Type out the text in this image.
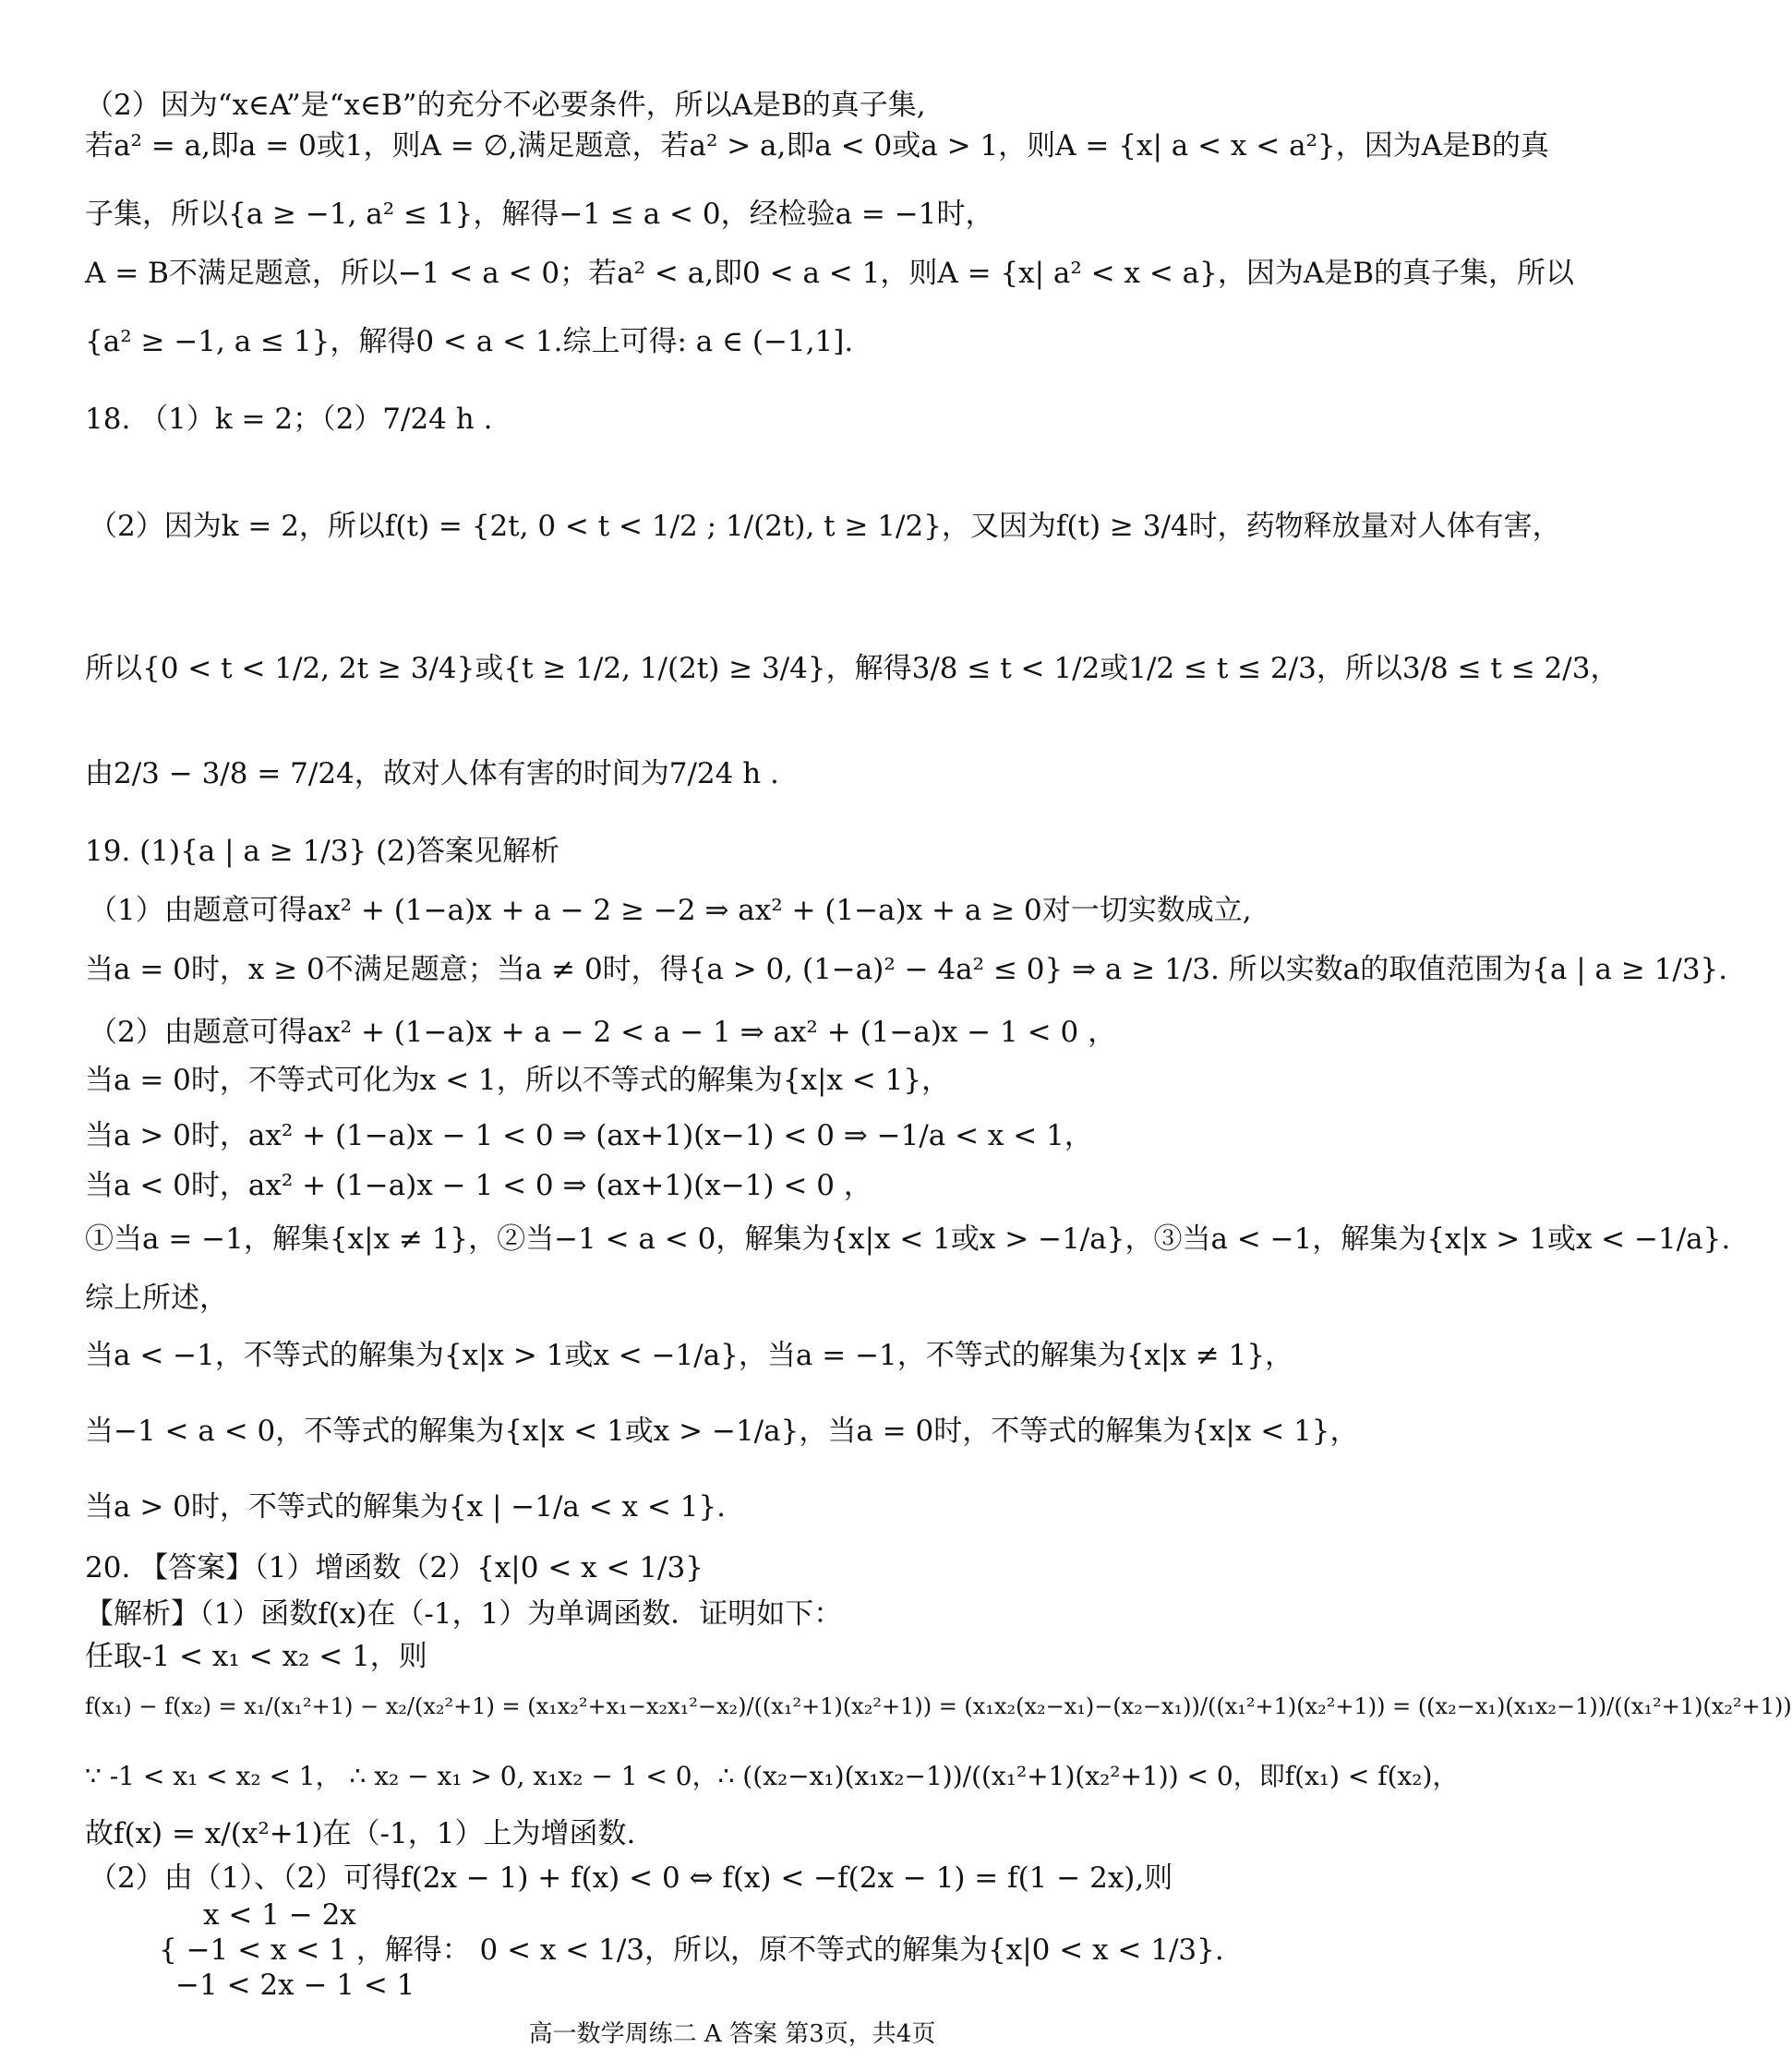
（2）因为“x∈A”是“x∈B”的充分不必要条件，所以A是B的真子集,
若a² = a,即a = 0或1，则A = ∅,满足题意，若a² > a,即a < 0或a > 1，则A = {x| a < x < a²}，因为A是B的真
子集，所以{a ≥ −1, a² ≤ 1}，解得−1 ≤ a < 0，经检验a = −1时，
A = B不满足题意，所以−1 < a < 0；若a² < a,即0 < a < 1，则A = {x| a² < x < a}，因为A是B的真子集，所以
{a² ≥ −1, a ≤ 1}，解得0 < a < 1.综上可得: a ∈ (−1,1].
18. （1）k = 2；（2）7/24 h .
（2）因为k = 2，所以f(t) = {2t, 0 < t < 1/2 ; 1/(2t), t ≥ 1/2}，又因为f(t) ≥ 3/4时，药物释放量对人体有害，
所以{0 < t < 1/2, 2t ≥ 3/4}或{t ≥ 1/2, 1/(2t) ≥ 3/4}，解得3/8 ≤ t < 1/2或1/2 ≤ t ≤ 2/3，所以3/8 ≤ t ≤ 2/3，
由2/3 − 3/8 = 7/24，故对人体有害的时间为7/24 h .
19. (1){a | a ≥ 1/3} (2)答案见解析
（1）由题意可得ax² + (1−a)x + a − 2 ≥ −2 ⇒ ax² + (1−a)x + a ≥ 0对一切实数成立,
当a = 0时，x ≥ 0不满足题意；当a ≠ 0时，得{a > 0, (1−a)² − 4a² ≤ 0} ⇒ a ≥ 1/3. 所以实数a的取值范围为{a | a ≥ 1/3}.
（2）由题意可得ax² + (1−a)x + a − 2 < a − 1 ⇒ ax² + (1−a)x − 1 < 0 ，
当a = 0时，不等式可化为x < 1，所以不等式的解集为{x|x < 1}，
当a > 0时，ax² + (1−a)x − 1 < 0 ⇒ (ax+1)(x−1) < 0 ⇒ −1/a < x < 1，
当a < 0时，ax² + (1−a)x − 1 < 0 ⇒ (ax+1)(x−1) < 0 ，
①当a = −1，解集{x|x ≠ 1}，②当−1 < a < 0，解集为{x|x < 1或x > −1/a}，③当a < −1，解集为{x|x > 1或x < −1/a}.
综上所述，
当a < −1，不等式的解集为{x|x > 1或x < −1/a}，当a = −1，不等式的解集为{x|x ≠ 1}，
当−1 < a < 0，不等式的解集为{x|x < 1或x > −1/a}，当a = 0时，不等式的解集为{x|x < 1}，
当a > 0时，不等式的解集为{x | −1/a < x < 1}.
20. 【答案】（1）增函数（2）{x|0 < x < 1/3}
【解析】（1）函数f(x)在（-1，1）为单调函数．证明如下：
任取-1 < x₁ < x₂ < 1，则
f(x₁) − f(x₂) = x₁/(x₁²+1) − x₂/(x₂²+1) = (x₁x₂²+x₁−x₂x₁²−x₂)/((x₁²+1)(x₂²+1)) = (x₁x₂(x₂−x₁)−(x₂−x₁))/((x₁²+1)(x₂²+1)) = ((x₂−x₁)(x₁x₂−1))/((x₁²+1)(x₂²+1))
∵ -1 < x₁ < x₂ < 1， ∴ x₂ − x₁ > 0, x₁x₂ − 1 < 0，∴ ((x₂−x₁)(x₁x₂−1))/((x₁²+1)(x₂²+1)) < 0，即f(x₁) < f(x₂)，
故f(x) = x/(x²+1)在（-1，1）上为增函数.
（2）由（1）、（2）可得f(2x − 1) + f(x) < 0 ⇔ f(x) < −f(2x − 1) = f(1 − 2x),则
x < 1 − 2x
{ −1 < x < 1 ，解得： 0 < x < 1/3，所以，原不等式的解集为{x|0 < x < 1/3}.
−1 < 2x − 1 < 1
高一数学周练二 A 答案 第3页，共4页
